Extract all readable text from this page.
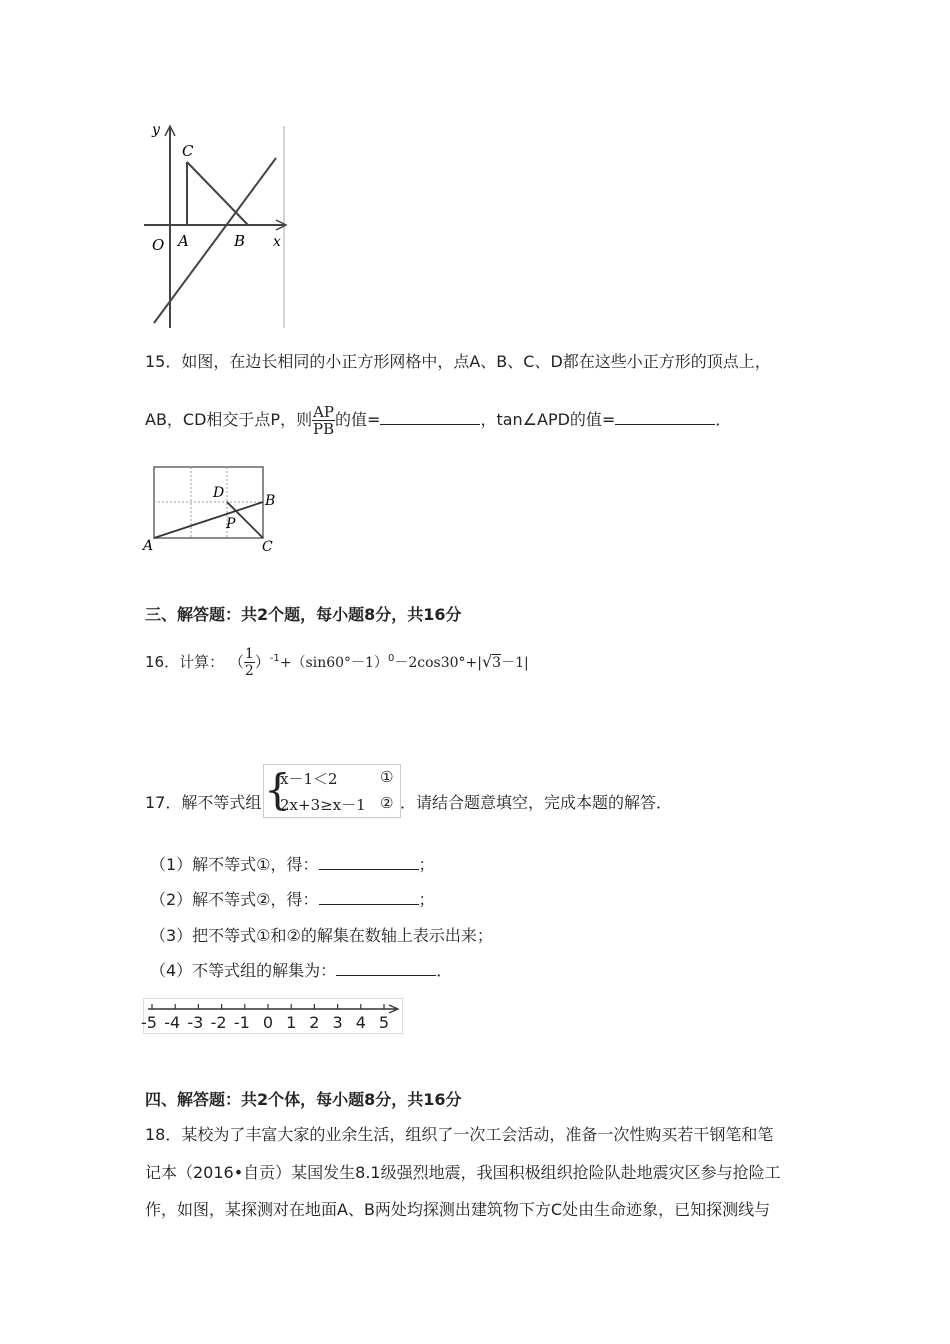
y
x
O A	B
C
15．如图，在边长相同的小正方形网格中，点A、B、C、D都在这些小正方形的顶点上，
AB，CD相交于点P，则 $\frac{AP}{PB}$ 的值=	，tan∠APD的值=	．
A
B
C
D
P
三、解答题：共2个题，每小题8分，共16分
16．计算： （ $\frac{1}{2} )^{-1}+(\sin 60^\circ-1)^0-2\cos 30^\circ+|√3-1|$
{
x－1＜2	①
2x+3≥x－1 ②
17．解不等式组	．请结合题意填空，完成本题的解答．
（1）解不等式①，得：	；
（2）解不等式②，得：	；
（3）把不等式①和②的解集在数轴上表示出来；
（4）不等式组的解集为：	．
-5 -4 -3 -2 -1 0 1 2 3 4 5
四、解答题：共2个体，每小题8分，共16分
18．某校为了丰富大家的业余生活，组织了一次工会活动，准备一次性购买若干钢笔和笔
记本（2016•自贡）某国发生8.1级强烈地震，我国积极组织抢险队赴地震灾区参与抢险工
作，如图，某探测对在地面A、B两处均探测出建筑物下方C处由生命迹象，已知探测线与
